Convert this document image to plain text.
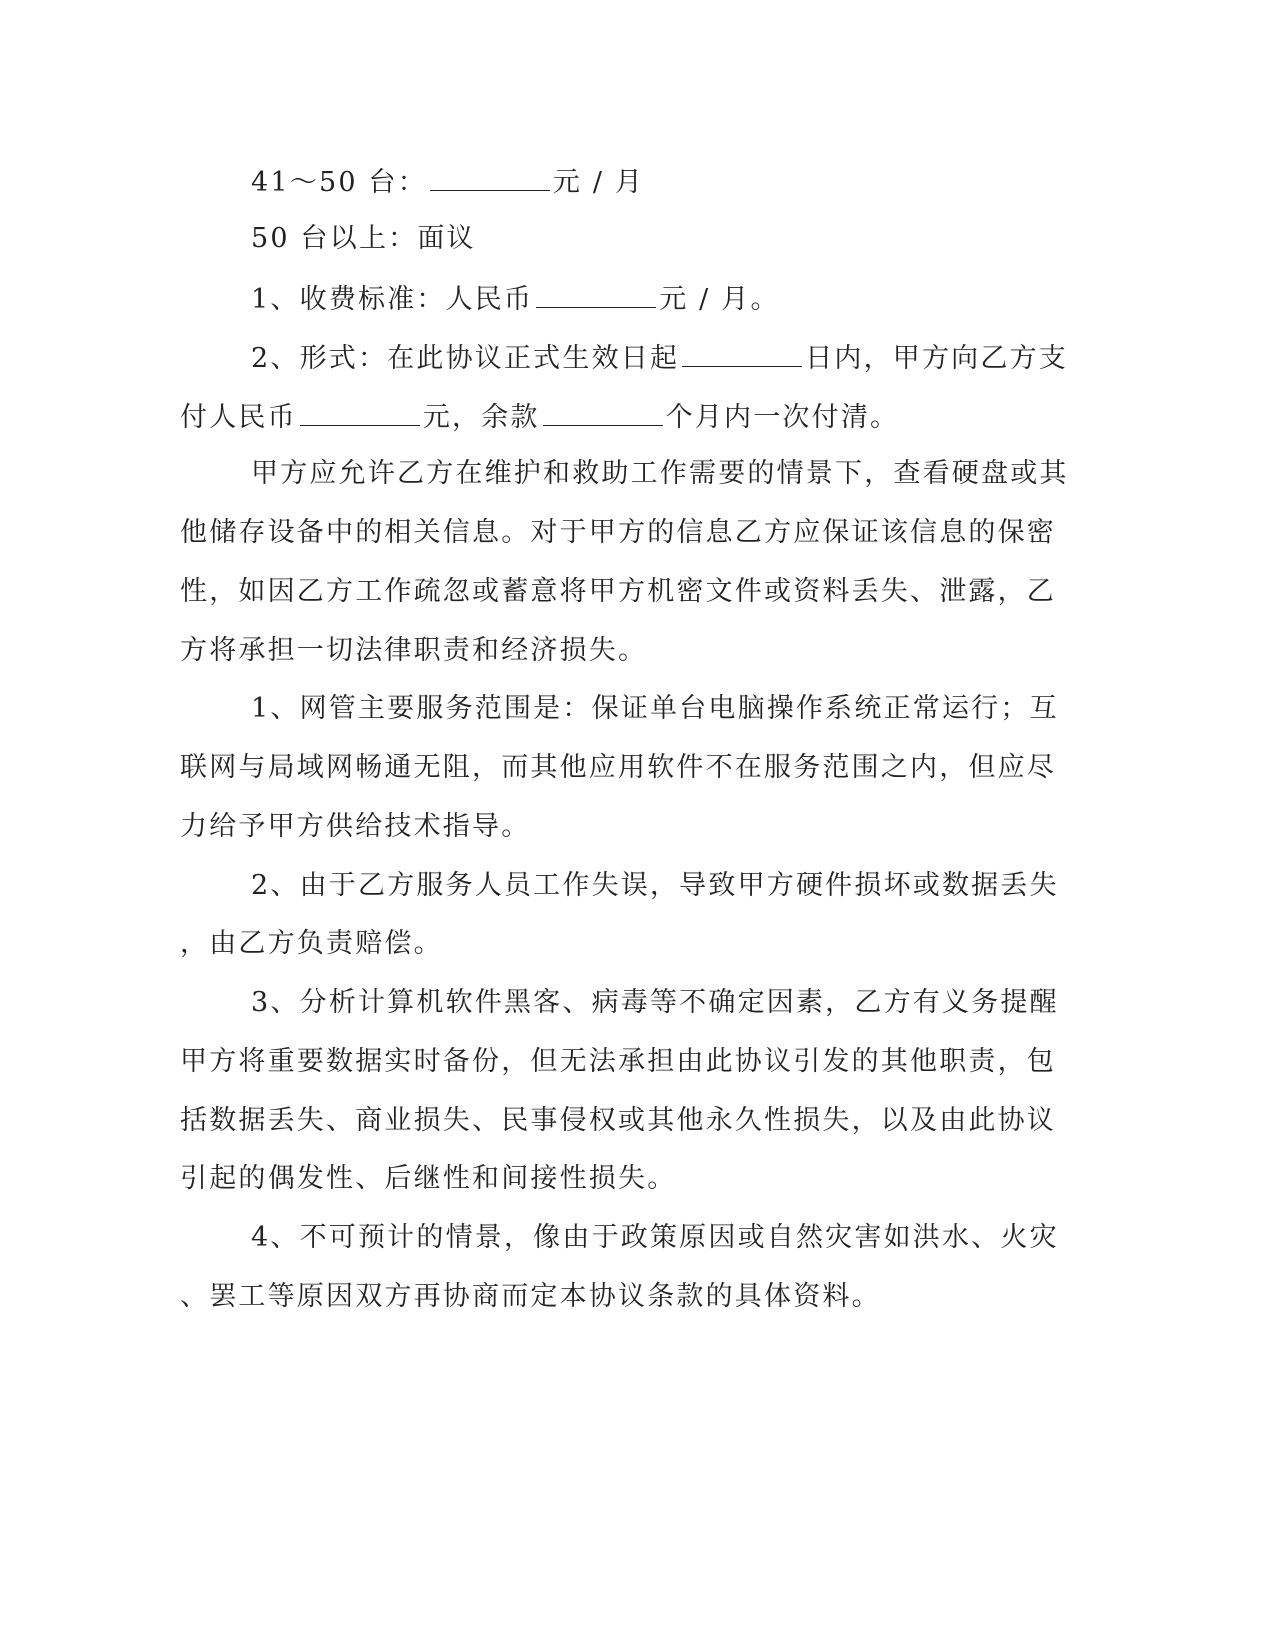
41～50 台：	元 / 月
50 台以上：面议
1、收费标准：人民币	元 / 月。
2、形式：在此协议正式生效日起	日内，甲方向乙方支
付人民币	元，余款	个月内一次付清。
甲方应允许乙方在维护和救助工作需要的情景下，查看硬盘或其
他储存设备中的相关信息。对于甲方的信息乙方应保证该信息的保密
性，如因乙方工作疏忽或蓄意将甲方机密文件或资料丢失、泄露，乙
方将承担一切法律职责和经济损失。
1、网管主要服务范围是：保证单台电脑操作系统正常运行；互
联网与局域网畅通无阻，而其他应用软件不在服务范围之内，但应尽
力给予甲方供给技术指导。
2、由于乙方服务人员工作失误，导致甲方硬件损坏或数据丢失
，由乙方负责赔偿。
3、分析计算机软件黑客、病毒等不确定因素，乙方有义务提醒
甲方将重要数据实时备份，但无法承担由此协议引发的其他职责，包
括数据丢失、商业损失、民事侵权或其他永久性损失，以及由此协议
引起的偶发性、后继性和间接性损失。
4、不可预计的情景，像由于政策原因或自然灾害如洪水、火灾
、罢工等原因双方再协商而定本协议条款的具体资料。
